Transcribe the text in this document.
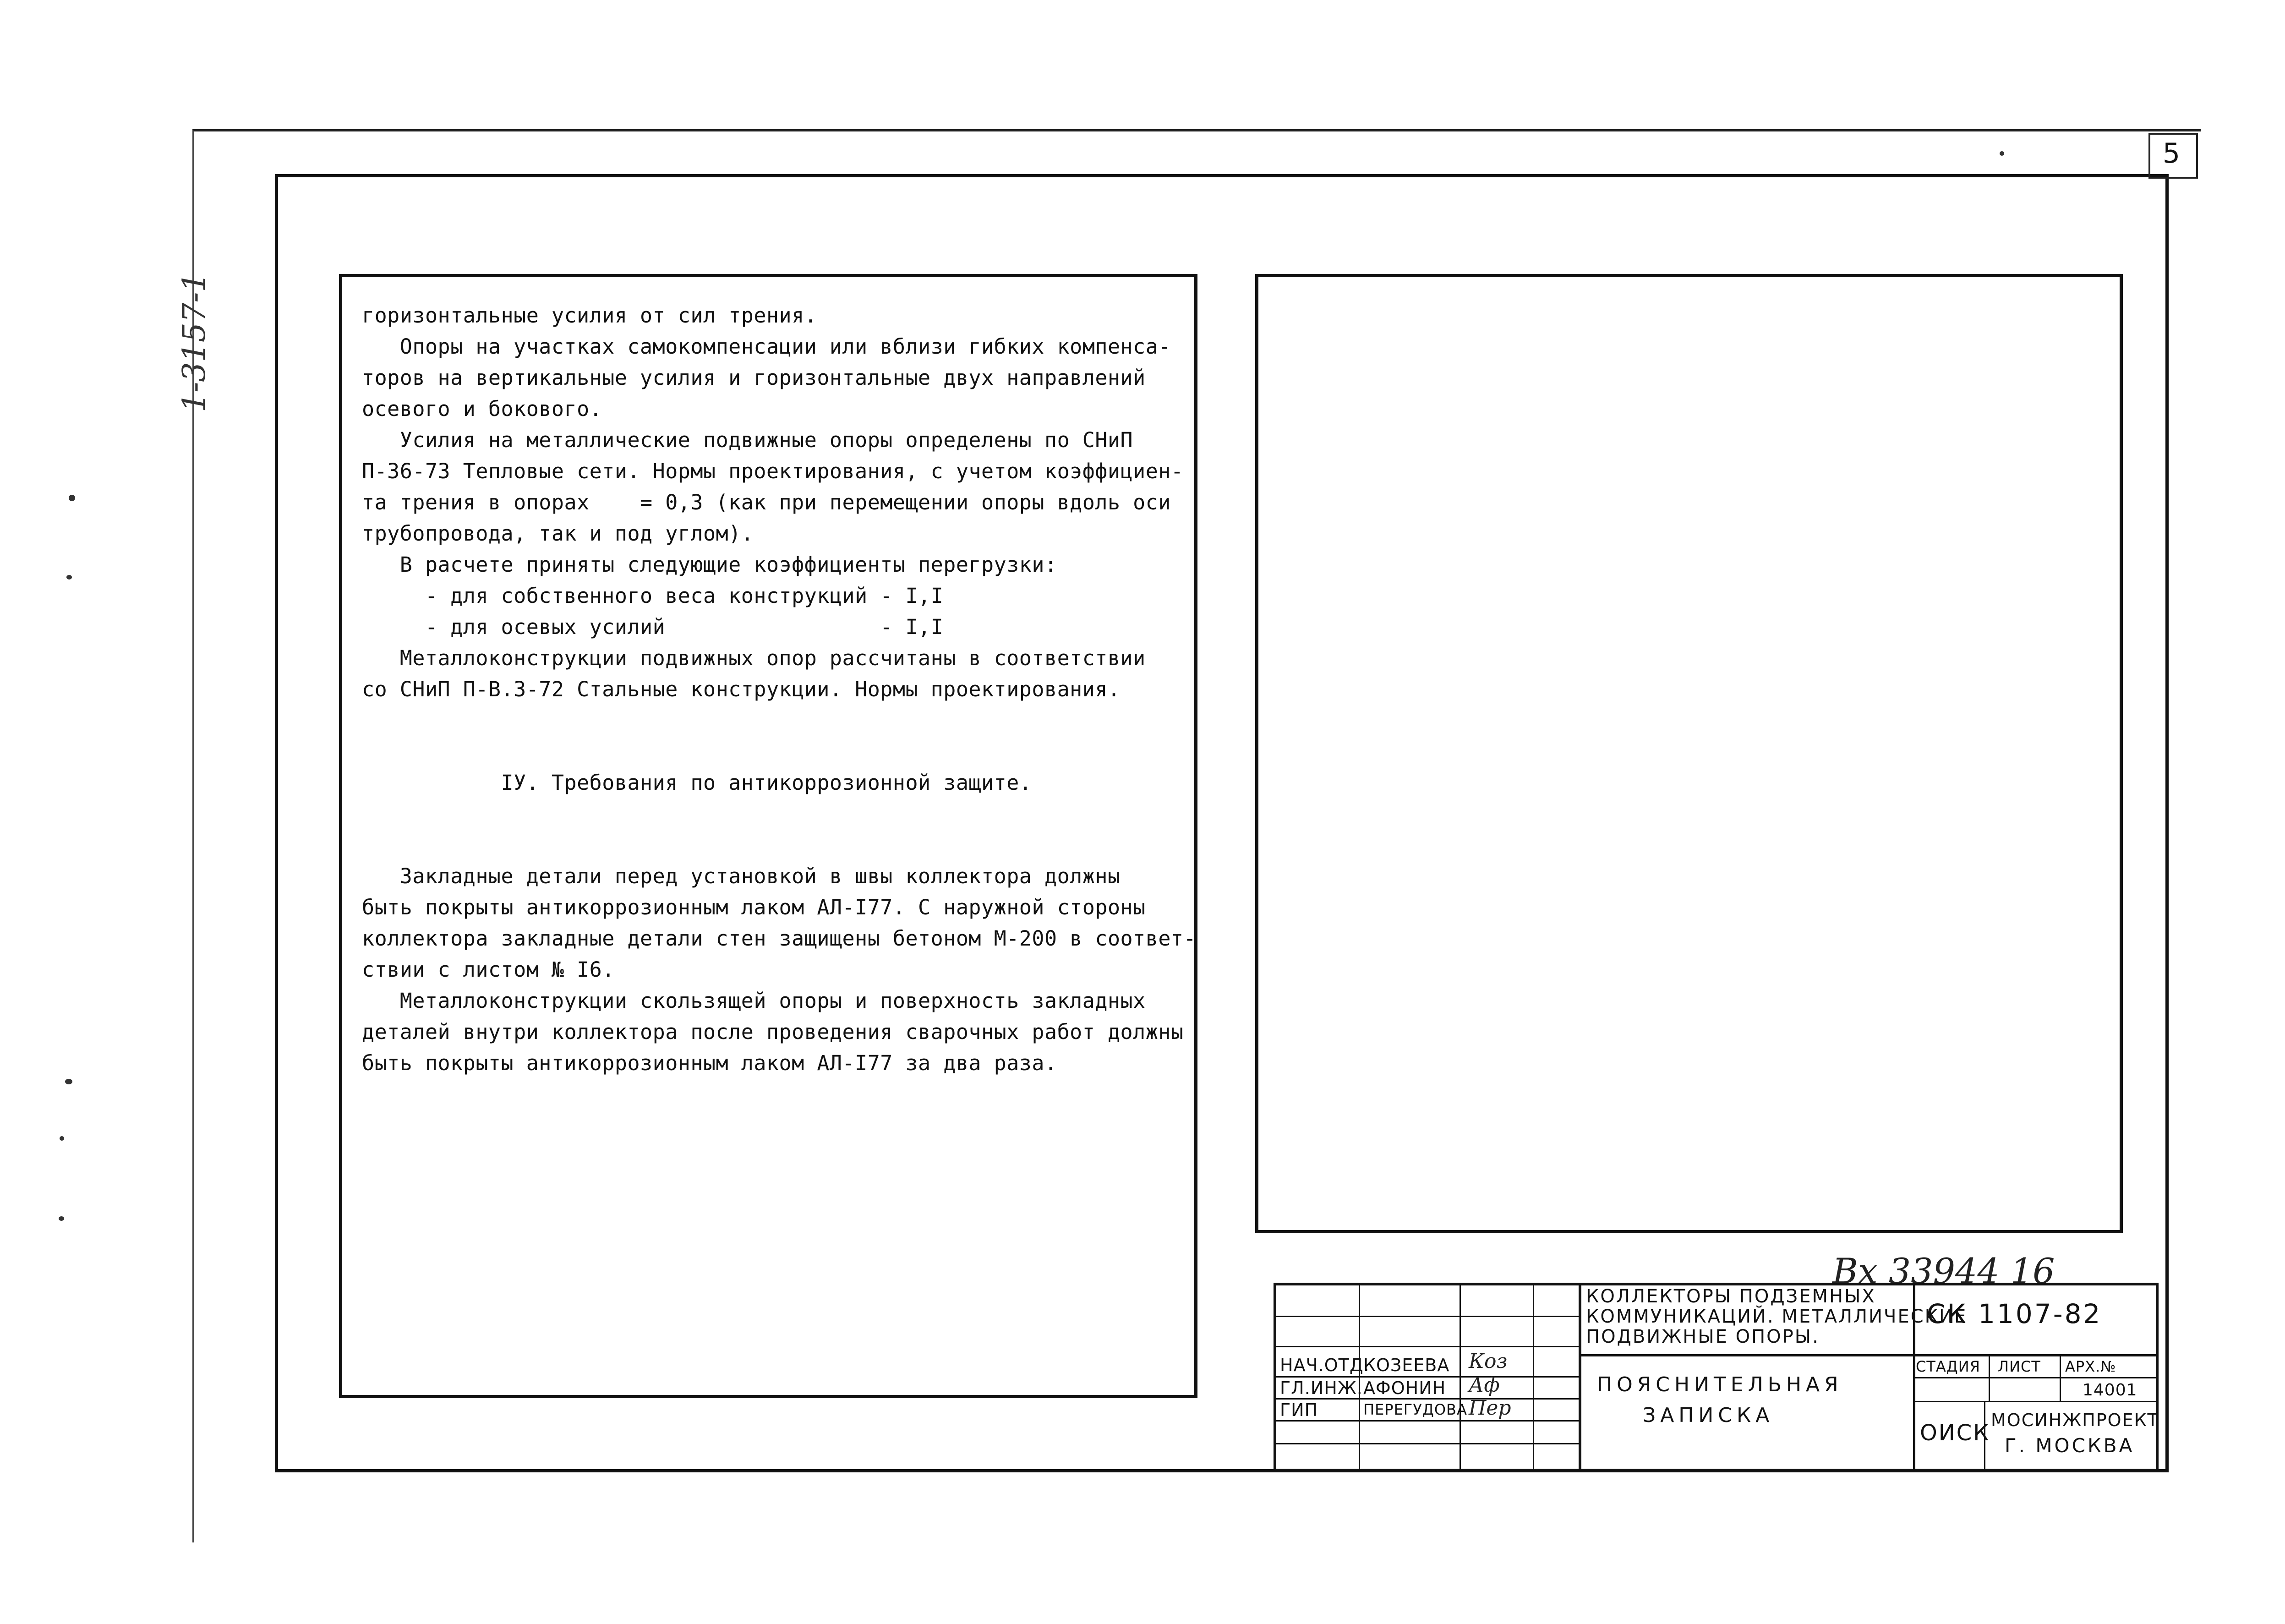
5
1-3157-1	горизонтальные усилия от сил трения.
Опоры на участках самокомпенсации или вблизи гибких компенса-
торов на вертикальные усилия и горизонтальные двух направлений
осевого и бокового.
Усилия на металлические подвижные опоры определены по СНиП
П-36-73 Тепловые сети. Нормы проектирования, с учетом коэффициен-
та трения в опорах    = 0,3 (как при перемещении опоры вдоль оси
трубопровода, так и под углом).
В расчете приняты следующие коэффициенты перегрузки:
- для собственного веса конструкций - I,I
- для осевых усилий                 - I,I
Металлоконструкции подвижных опор рассчитаны в соответствии
со СНиП П-В.3-72 Стальные конструкции. Нормы проектирования.
IУ. Требования по антикоррозионной защите.
Закладные детали перед установкой в швы коллектора должны
быть покрыты антикоррозионным лаком АЛ-I77. С наружной стороны
коллектора закладные детали стен защищены бетоном М-200 в соответ-
ствии с листом № I6.
Металлоконструкции скользящей опоры и поверхность закладных
деталей внутри коллектора после проведения сварочных работ должны
быть покрыты антикоррозионным лаком АЛ-I77 за два раза.
Вх 33944 16
НАЧ.ОТД.
КОЗЕЕВА Коз
ГЛ.ИНЖ. АФОНИН Аф
ГИП	ПЕРЕГУДОВА Пер
КОЛЛЕКТОРЫ ПОДЗЕМНЫХ
КОММУНИКАЦИЙ. МЕТАЛЛИЧЕСКИЕ
ПОДВИЖНЫЕ ОПОРЫ.
СК 1107-82
ПОЯСНИТЕЛЬНАЯ
ЗАПИСКА
СТАДИЯ ЛИСТ АРХ.№
14001
ОИСК МОСИНЖПРОЕКТ
Г. МОСКВА
